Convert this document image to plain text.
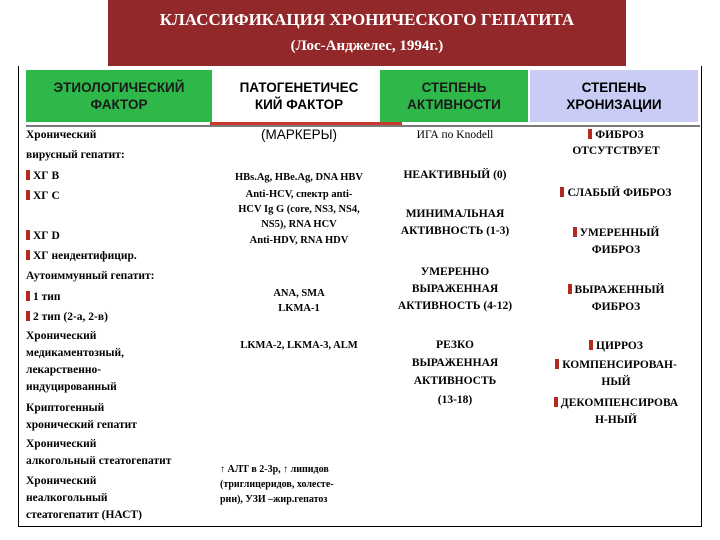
КЛАССИФИКАЦИЯ ХРОНИЧЕСКОГО ГЕПАТИТА
(Лос-Анджелес, 1994г.)
ЭТИОЛОГИЧЕСКИЙ
ФАКТОР
ПАТОГЕНЕТИЧЕС
КИЙ ФАКТОР
СТЕПЕНЬ
АКТИВНОСТИ
СТЕПЕНЬ
ХРОНИЗАЦИИ
Хронический
вирусный гепатит:
ХГ В
ХГ С
ХГ D
ХГ неидентифицир.
Аутоиммунный гепатит:
1 тип
2 тип (2-а, 2-в)
Хронический
медикаментозный,
лекарственно-
индуцированный
Криптогенный
хронический гепатит
Хронический
алкогольный стеатогепатит
Хронический
неалкогольный
стеатогепатит (НАСТ)
(МАРКЕРЫ)
HBs.Ag, HBe.Ag, DNA HBV
Anti-HCV, спектр anti-
HCV Ig G (core, NS3, NS4,
NS5), RNA HCV
Anti-HDV, RNA HDV
ANA, SMA
LKMA-1
LKMA-2, LKMA-3, ALM
↑ АЛТ в 2-3р, ↑ липидов
(триглицеридов, холесте-
рин), УЗИ –жир.гепатоз
ИГА по Knodell
НЕАКТИВНЫЙ (0)
МИНИМАЛЬНАЯ
АКТИВНОСТЬ (1-3)
УМЕРЕННО
ВЫРАЖЕННАЯ
АКТИВНОСТЬ (4-12)
РЕЗКО
ВЫРАЖЕННАЯ
АКТИВНОСТЬ
(13-18)
ФИБРОЗ
ОТСУТСТВУЕТ
СЛАБЫЙ ФИБРОЗ
УМЕРЕННЫЙ
ФИБРОЗ
ВЫРАЖЕННЫЙ
ФИБРОЗ
ЦИРРОЗ
КОМПЕНСИРОВАН-
НЫЙ
ДЕКОМПЕНСИРОВА
Н-НЫЙ
